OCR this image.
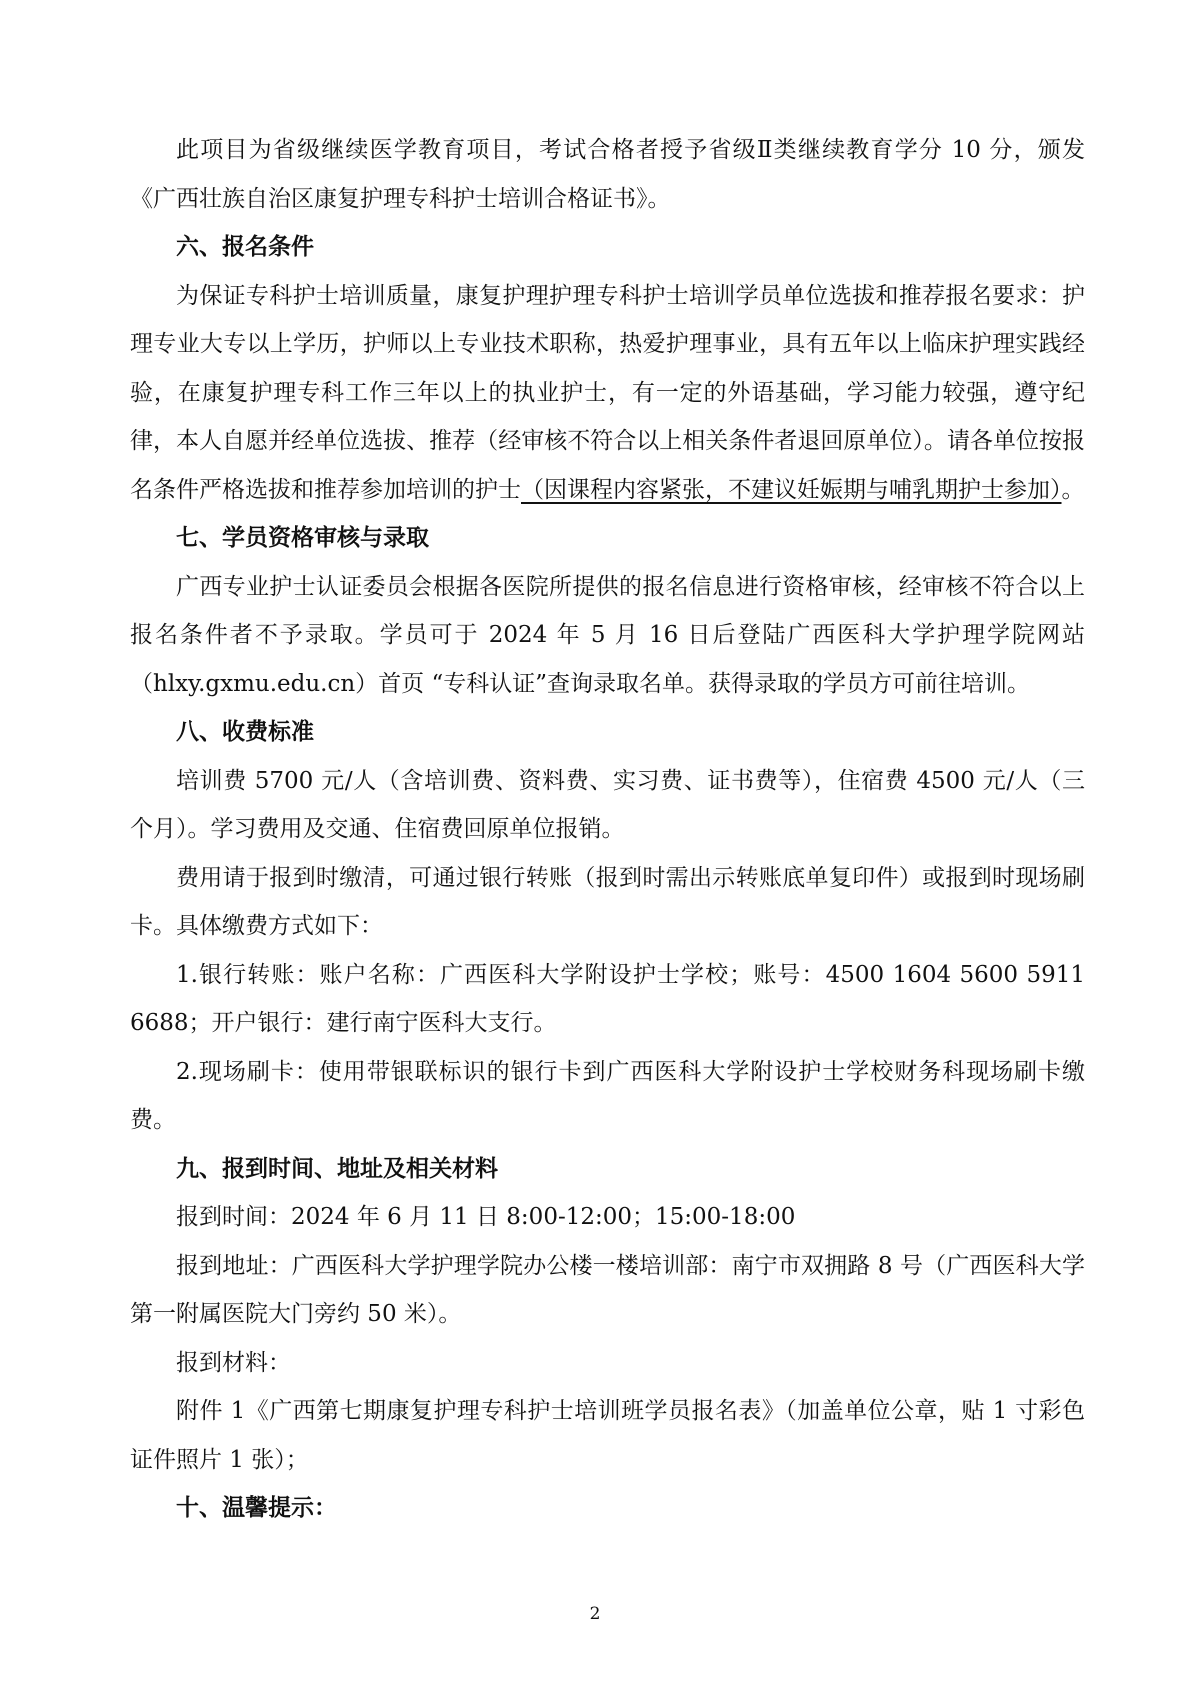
此项目为省级继续医学教育项目，考试合格者授予省级Ⅱ类继续教育学分 10 分，颁发《广西壮族自治区康复护理专科护士培训合格证书》。

六、报名条件

为保证专科护士培训质量，康复护理护理专科护士培训学员单位选拔和推荐报名要求：护理专业大专以上学历，护师以上专业技术职称，热爱护理事业，具有五年以上临床护理实践经验，在康复护理专科工作三年以上的执业护士，有一定的外语基础，学习能力较强，遵守纪律，本人自愿并经单位选拔、推荐（经审核不符合以上相关条件者退回原单位）。请各单位按报名条件严格选拔和推荐参加培训的护士（因课程内容紧张，不建议妊娠期与哺乳期护士参加）。

七、学员资格审核与录取

广西专业护士认证委员会根据各医院所提供的报名信息进行资格审核，经审核不符合以上报名条件者不予录取。学员可于 2024 年 5 月 16 日后登陆广西医科大学护理学院网站（hlxy.gxmu.edu.cn）首页 “专科认证”查询录取名单。获得录取的学员方可前往培训。

八、收费标准

培训费 5700 元/人（含培训费、资料费、实习费、证书费等），住宿费 4500 元/人（三个月）。学习费用及交通、住宿费回原单位报销。

费用请于报到时缴清，可通过银行转账（报到时需出示转账底单复印件）或报到时现场刷卡。具体缴费方式如下：

1.银行转账：账户名称：广西医科大学附设护士学校；账号：4500 1604 5600 5911 6688；开户银行：建行南宁医科大支行。

2.现场刷卡：使用带银联标识的银行卡到广西医科大学附设护士学校财务科现场刷卡缴费。

九、报到时间、地址及相关材料

报到时间：2024 年 6 月 11 日 8:00-12:00；15:00-18:00

报到地址：广西医科大学护理学院办公楼一楼培训部：南宁市双拥路 8 号（广西医科大学第一附属医院大门旁约 50 米）。

报到材料：

附件 1《广西第七期康复护理专科护士培训班学员报名表》（加盖单位公章，贴 1 寸彩色证件照片 1 张）；

十、温馨提示：

2
